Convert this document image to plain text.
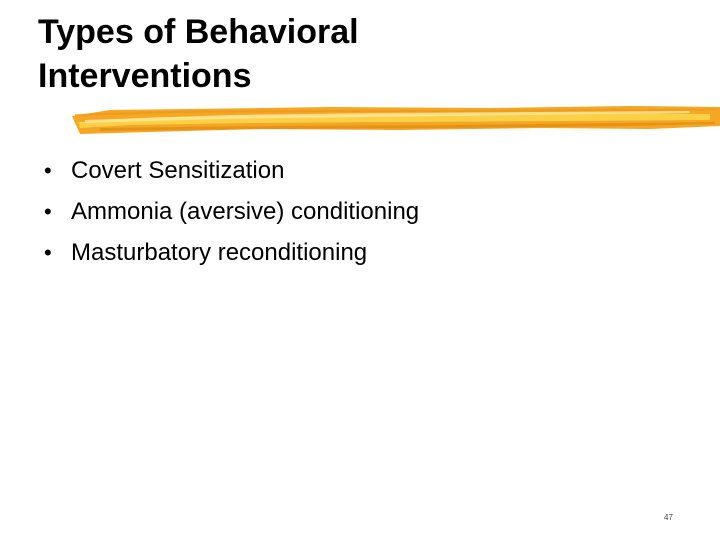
Types of Behavioral
Interventions
• Covert Sensitization
• Ammonia (aversive) conditioning
• Masturbatory reconditioning
47
